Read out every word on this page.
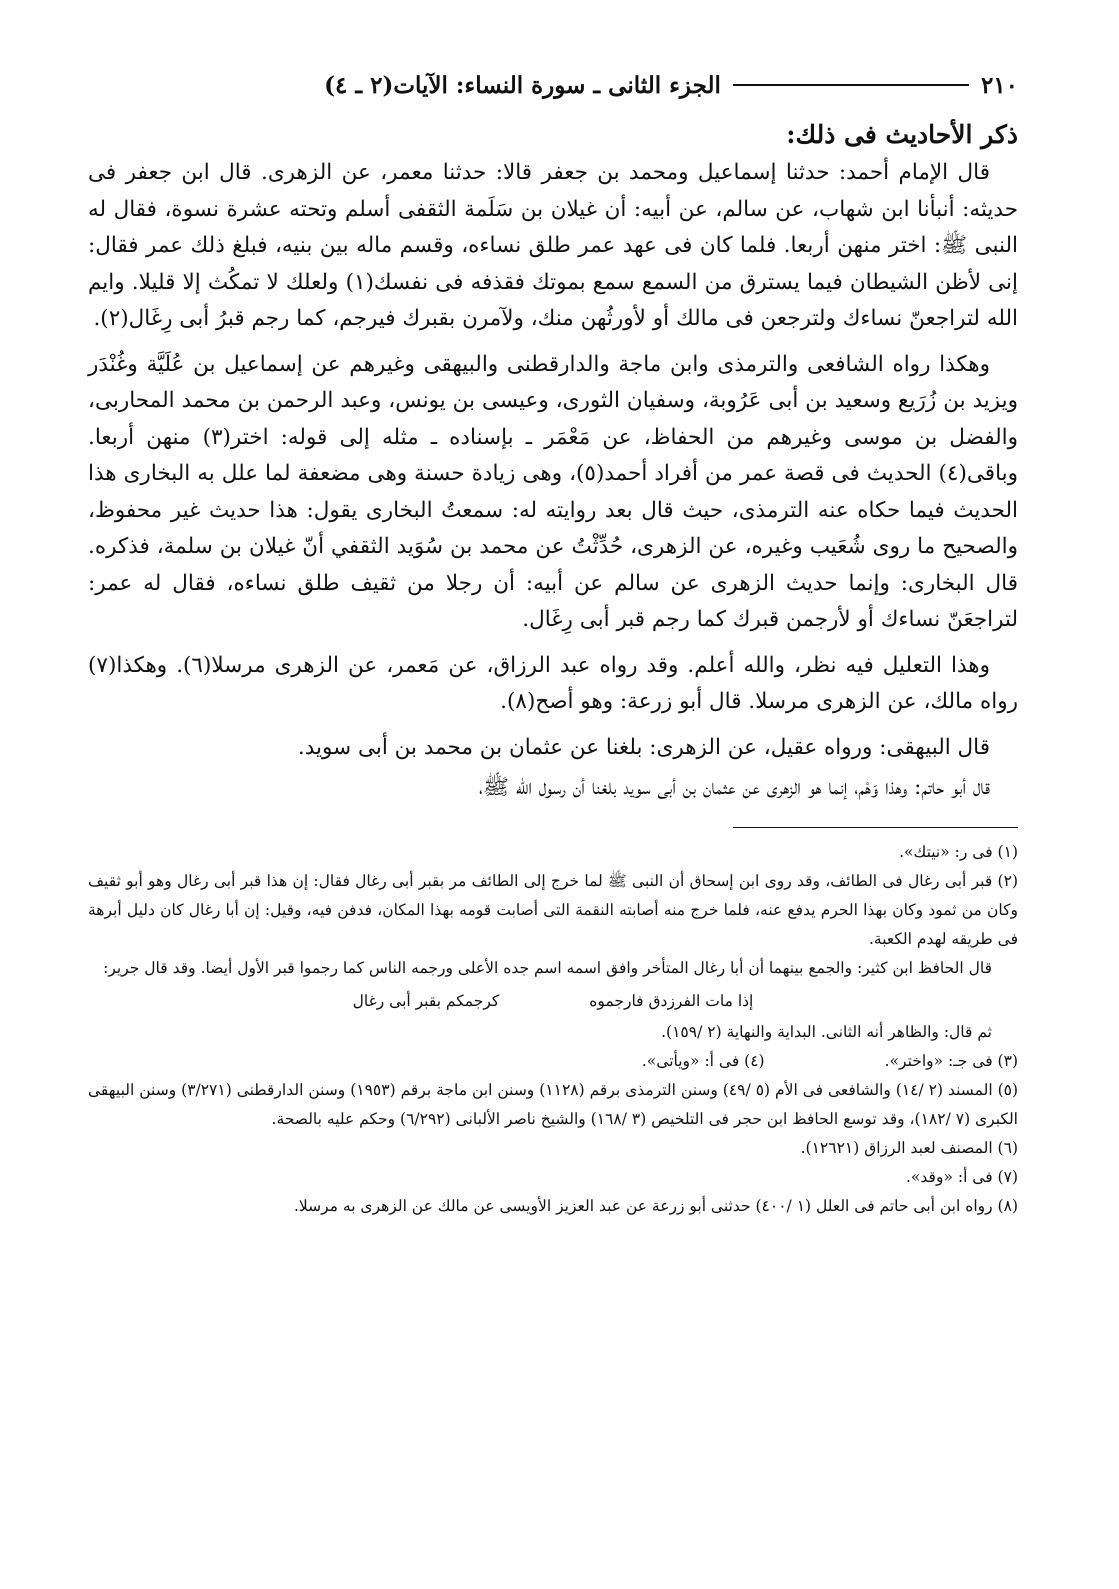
٢١٠
الجزء الثانى ـ سورة النساء: الآيات(٢ ـ ٤)
ذكر الأحاديث فى ذلك:

قال الإمام أحمد: حدثنا إسماعيل ومحمد بن جعفر قالا: حدثنا معمر، عن الزهرى. قال ابن جعفر فى حديثه: أنبأنا ابن شهاب، عن سالم، عن أبيه: أن غيلان بن سَلَمة الثقفى أسلم وتحته عشرة نسوة، فقال له النبى ﷺ: اختر منهن أربعا. فلما كان فى عهد عمر طلق نساءه، وقسم ماله بين بنيه، فبلغ ذلك عمر فقال: إنى لأظن الشيطان فيما يسترق من السمع سمع بموتك فقذفه فى نفسك(١) ولعلك لا تمكُث إلا قليلا. وايم الله لتراجعنّ نساءك ولترجعن فى مالك أو لأورثُهن منك، ولآمرن بقبرك فيرجم، كما رجم قبرُ أبى رِغَال(٢).

وهكذا رواه الشافعى والترمذى وابن ماجة والدارقطنى والبيهقى وغيرهم عن إسماعيل بن عُلَيَّة وغُنْدَر ويزيد بن زُرَيع وسعيد بن أبى عَرُوبة، وسفيان الثورى، وعيسى بن يونس، وعبد الرحمن بن محمد المحاربى، والفضل بن موسى وغيرهم من الحفاظ، عن مَعْمَر ـ بإسناده ـ مثله إلى قوله: اختر(٣) منهن أربعا. وباقى(٤) الحديث فى قصة عمر من أفراد أحمد(٥)، وهى زيادة حسنة وهى مضعفة لما علل به البخارى هذا الحديث فيما حكاه عنه الترمذى، حيث قال بعد روايته له: سمعتُ البخارى يقول: هذا حديث غير محفوظ، والصحيح ما روى شُعَيب وغيره، عن الزهرى، حُدِّثْتُ عن محمد بن سُوَيد الثقفي أنّ غيلان بن سلمة، فذكره. قال البخارى: وإنما حديث الزهرى عن سالم عن أبيه: أن رجلا من ثقيف طلق نساءه، فقال له عمر: لتراجعَنّ نساءك أو لأرجمن قبرك كما رجم قبر أبى رِغَال.

وهذا التعليل فيه نظر، والله أعلم. وقد رواه عبد الرزاق، عن مَعمر، عن الزهرى مرسلا(٦). وهكذا(٧) رواه مالك، عن الزهرى مرسلا. قال أبو زرعة: وهو أصح(٨).

قال البيهقى: ورواه عقيل، عن الزهرى: بلغنا عن عثمان بن محمد بن أبى سويد.

قال أبو حاتم: وهذا وَهْم، إنما هو الزهرى عن عثمان بن أبى سويد بلغنا أن رسول الله ﷺ،

(١) فى ر: «نيتك».

(٢) قبر أبى رغال فى الطائف، وقد روى ابن إسحاق أن النبى ﷺ لما خرج إلى الطائف مر بقبر أبى رغال فقال: إن هذا قبر أبى رغال وهو أبو ثقيف وكان من ثمود وكان بهذا الحرم يدفع عنه، فلما خرج منه أصابته النقمة التى أصابت قومه بهذا المكان، فدفن فيه، وقيل: إن أبا رغال كان دليل أبرهة فى طريقه لهدم الكعبة.

قال الحافظ ابن كثير: والجمع بينهما أن أبا رغال المتأخر وافق اسمه اسم جده الأعلى ورجمه الناس كما رجموا قبر الأول أيضا. وقد قال جرير:

إذا مات الفرزدق فارجموه
كرجمكم بقبر أبى رغال

ثم قال: والظاهر أنه الثانى. البداية والنهاية (٢ /١٥٩).

(٣) فى جـ: «واختر».
(٤) فى أ: «ويأتى».

(٥) المسند (٢ /١٤) والشافعى فى الأم (٥ /٤٩) وسنن الترمذى برقم (١١٢٨) وسنن ابن ماجة برقم (١٩٥٣) وسنن الدارقطنى (٣/٢٧١) وسنن البيهقى الكبرى (٧ /١٨٢)، وقد توسع الحافظ ابن حجر فى التلخيص (٣ /١٦٨) والشيخ ناصر الألبانى (٦/٢٩٢) وحكم عليه بالصحة.

(٦) المصنف لعبد الرزاق (١٢٦٢١).

(٧) فى أ: «وقد».

(٨) رواه ابن أبى حاتم فى العلل (١ /٤٠٠) حدثنى أبو زرعة عن عبد العزيز الأويسى عن مالك عن الزهرى به مرسلا.
